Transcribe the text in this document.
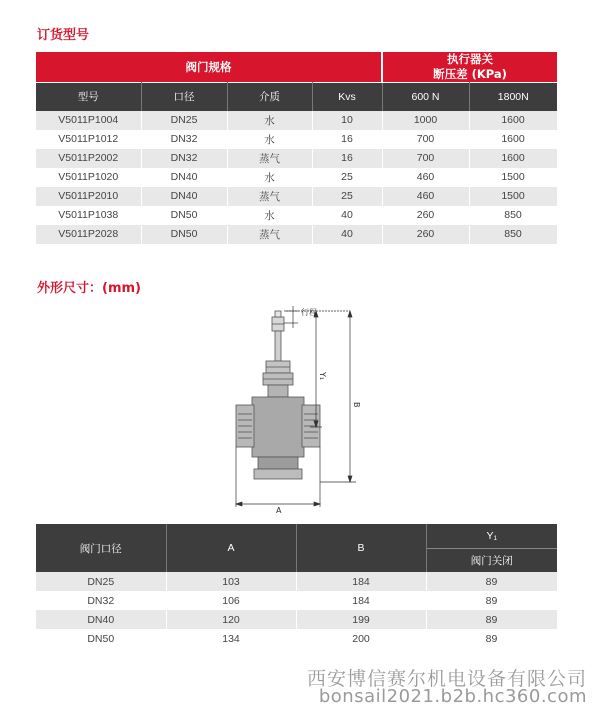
订货型号
阀门规格				执行器关
断压差 (KPa)	

型号	口径	介质	Kvs	600 N	1800N
V5011P1004	DN25	水	10	1000	1600
V5011P1012	DN32	水	16	700	1600
V5011P2002	DN32	蒸气	16	700	1600
V5011P1020	DN40	水	25	460	1500
V5011P2010	DN40	蒸气	25	460	1500
V5011P1038	DN50	水	40	260	850
V5011P2028	DN50	蒸气	40	260	850
外形尺寸：(mm)
行程
Y₁
B
A
阀门口径	A	B	Y₁
			阀门关闭
DN25	103	184	89
DN32	106	184	89
DN40	120	199	89
DN50	134	200	89
西安博信赛尔机电设备有限公司
bonsail2021.b2b.hc360.com
